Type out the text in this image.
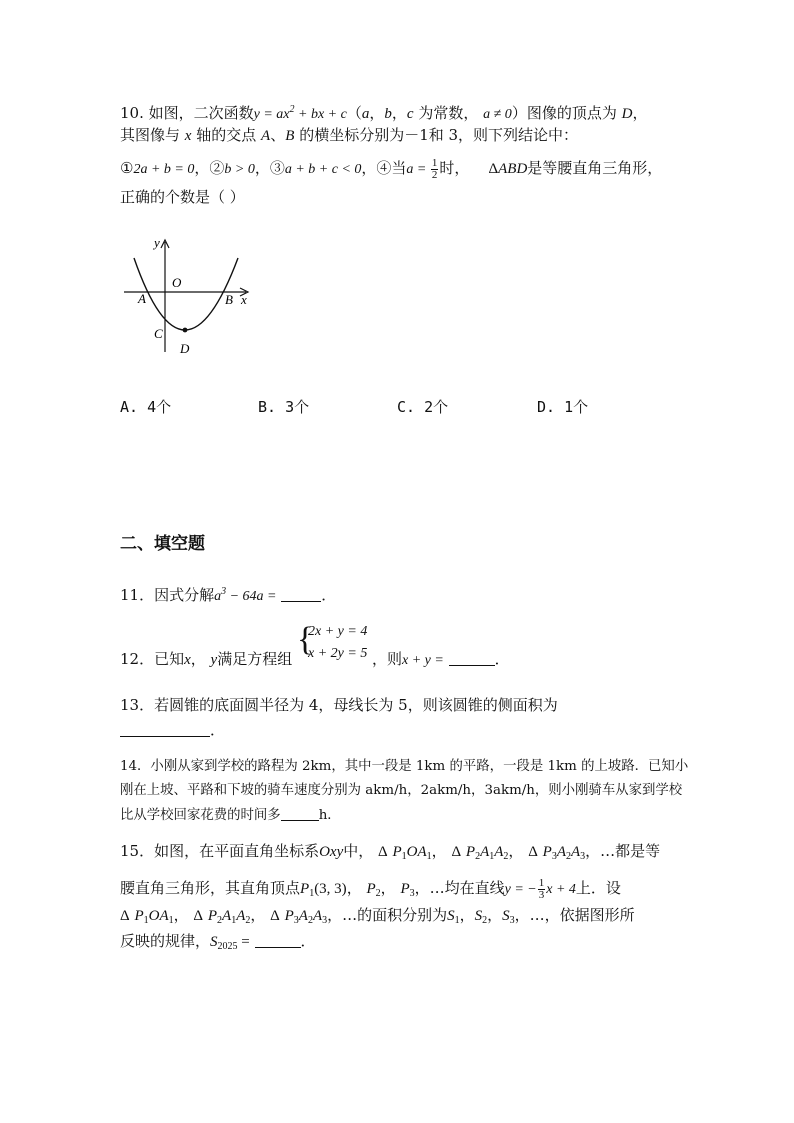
10. 如图，二次函数$y = ax^2$ + bx + c（a，b，c 为常数， a ≠ 0）图像的顶点为 D，
其图像与 x 轴的交点 A、B 的横坐标分别为－1和 3，则下列结论中：
①2a + b = 0，②b > 0，③a + b + c < 0，④当$a = \frac{1}{2}$ 时， ΔABD是等腰直角三角形，
正确的个数是（ ）
y
O
A	B x
C
D
A. 4个	B. 3个	C. 2个	D. 1个
二、填空题
11．因式分解$a^3 - 64a$ =	．
{
2x + y = 4
x + 2y = 5
12．已知x， y满足方程组	，则x + y =	．
13．若圆锥的底面圆半径为 4，母线长为 5，则该圆锥的侧面积为
．
14．小刚从家到学校的路程为 2km，其中一段是 1km 的平路，一段是 1km 的上坡路．已知小
刚在上坡、平路和下坡的骑车速度分别为 akm/h，2akm/h，3akm/h，则小刚骑车从家到学校
比从学校回家花费的时间多	h．
15．如图，在平面直角坐标系Oxy中， Δ $P_1OA_1$， Δ $P_2A_1A_2$， Δ $P_3A_2A_3$，…都是等
腰直角三角形，其直角顶点$P_1(3$, 3)， $P_2$， $P_3$，…均在直线y = − $\frac{1}{3}$ x + 4上．设
Δ $P_1OA_1$， Δ $P_2A_1A_2$， Δ $P_3A_2A_3$，…的面积分别为$S_1$，$S_2$，$S_3$，…，依据图形所
反映的规律，$S_{2025}$ =	．
